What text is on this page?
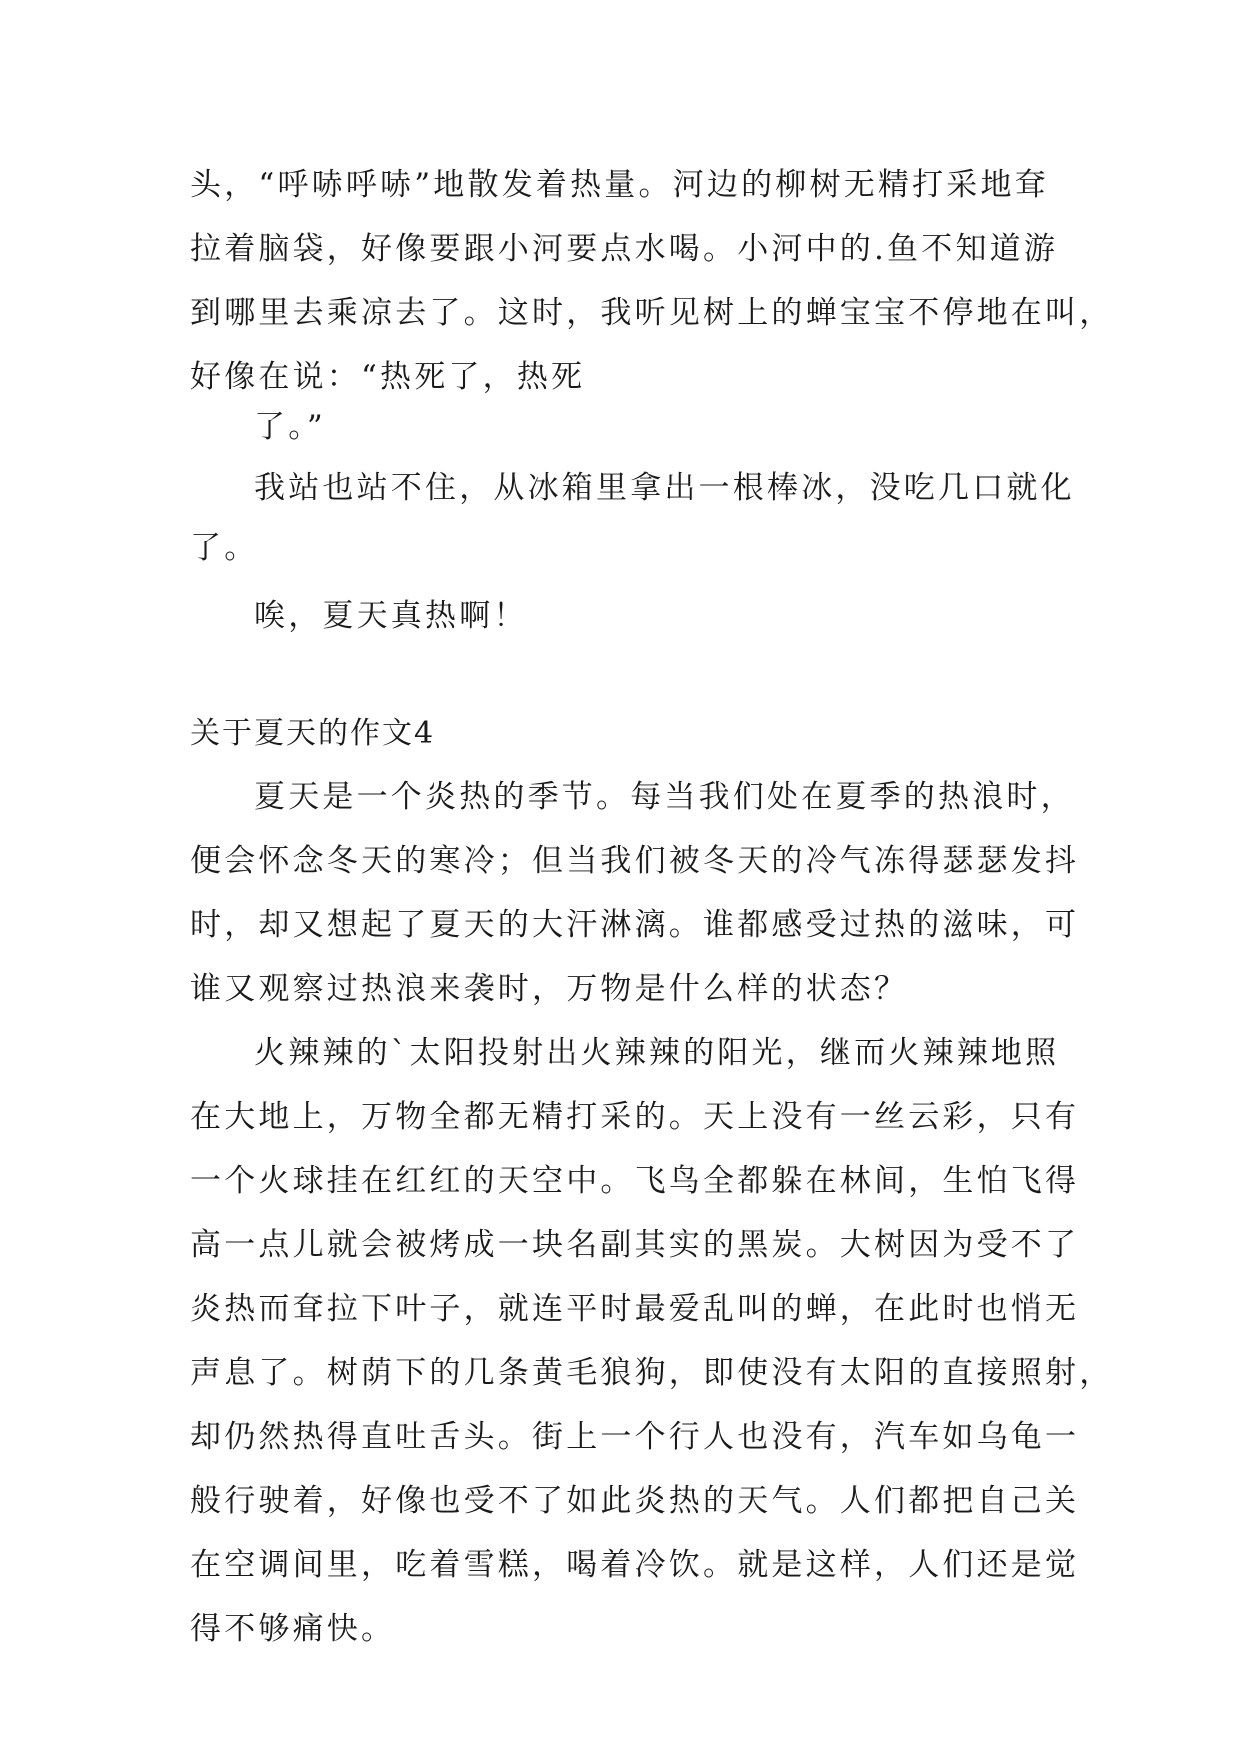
头，“呼哧呼哧”地散发着热量。河边的柳树无精打采地耷
拉着脑袋，好像要跟小河要点水喝。小河中的.鱼不知道游
到哪里去乘凉去了。这时，我听见树上的蝉宝宝不停地在叫，
好像在说：“热死了，热死
了。”
我站也站不住，从冰箱里拿出一根棒冰，没吃几口就化
了。
唉，夏天真热啊！
关于夏天的作文4
夏天是一个炎热的季节。每当我们处在夏季的热浪时，
便会怀念冬天的寒冷；但当我们被冬天的冷气冻得瑟瑟发抖
时，却又想起了夏天的大汗淋漓。谁都感受过热的滋味，可
谁又观察过热浪来袭时，万物是什么样的状态？
火辣辣的`太阳投射出火辣辣的阳光，继而火辣辣地照
在大地上，万物全都无精打采的。天上没有一丝云彩，只有
一个火球挂在红红的天空中。飞鸟全都躲在林间，生怕飞得
高一点儿就会被烤成一块名副其实的黑炭。大树因为受不了
炎热而耷拉下叶子，就连平时最爱乱叫的蝉，在此时也悄无
声息了。树荫下的几条黄毛狼狗，即使没有太阳的直接照射，
却仍然热得直吐舌头。街上一个行人也没有，汽车如乌龟一
般行驶着，好像也受不了如此炎热的天气。人们都把自己关
在空调间里，吃着雪糕，喝着冷饮。就是这样，人们还是觉
得不够痛快。
